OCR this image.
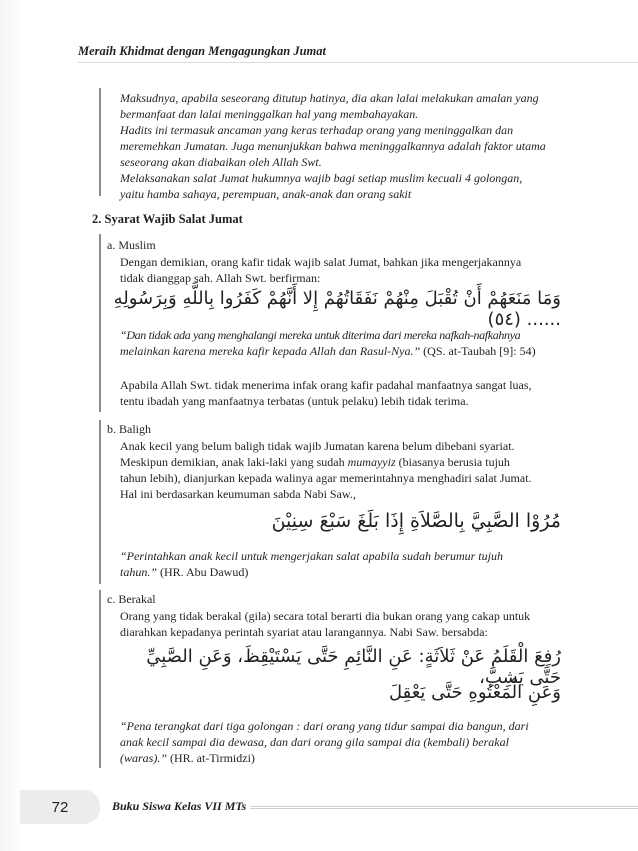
Meraih Khidmat dengan Mengagungkan Jumat
Maksudnya, apabila seseorang ditutup hatinya, dia akan lalai melakukan amalan yang
bermanfaat dan lalai meninggalkan hal yang membahayakan.
Hadits ini termasuk ancaman yang keras terhadap orang yang meninggalkan dan
meremehkan Jumatan. Juga menunjukkan bahwa meninggalkannya adalah faktor utama
seseorang akan diabaikan oleh Allah Swt.
Melaksanakan salat Jumat hukumnya wajib bagi setiap muslim kecuali 4 golongan,
yaitu hamba sahaya, perempuan, anak-anak dan orang sakit
2. Syarat Wajib Salat Jumat
a. Muslim
Dengan demikian, orang kafir tidak wajib salat Jumat, bahkan jika mengerjakannya
tidak dianggap sah. Allah Swt. berfirman:
وَمَا مَنَعَهُمْ أَنْ تُقْبَلَ مِنْهُمْ نَفَقَاتُهُمْ إِلا أَنَّهُمْ كَفَرُوا بِاللَّهِ وَبِرَسُولِهِ ...... (٥٤)
“Dan tidak ada yang menghalangi mereka untuk diterima dari mereka nafkah-nafkahnya
melainkan karena mereka kafir kepada Allah dan Rasul-Nya.” (QS. at-Taubah [9]: 54)
Apabila Allah Swt. tidak menerima infak orang kafir padahal manfaatnya sangat luas,
tentu ibadah yang manfaatnya terbatas (untuk pelaku) lebih tidak terima.
b. Baligh
Anak kecil yang belum baligh tidak wajib Jumatan karena belum dibebani syariat.
Meskipun demikian, anak laki-laki yang sudah mumayyiz (biasanya berusia tujuh
tahun lebih), dianjurkan kepada walinya agar memerintahnya menghadiri salat Jumat.
Hal ini berdasarkan keumuman sabda Nabi Saw.,
مُرُوْا الصَّبِيَّ بِالصَّلاَةِ إِذَا بَلَغَ سَبْعَ سِنِيْنَ
“Perintahkan anak kecil untuk mengerjakan salat apabila sudah berumur tujuh
tahun.” (HR. Abu Dawud)
c. Berakal
Orang yang tidak berakal (gila) secara total berarti dia bukan orang yang cakap untuk
diarahkan kepadanya perintah syariat atau larangannya. Nabi Saw. bersabda:
رُفِعَ الْقَلَمُ عَنْ ثَلاَثَةٍ: عَنِ النَّائِمِ حَتَّى يَسْتَيْقِظَ، وَعَنِ الصَّبِيِّ حَتَّى يَشِبَّ،
وَعَنِ الْمَعْتُوهِ حَتَّى يَعْقِلَ
“Pena terangkat dari tiga golongan : dari orang yang tidur sampai dia bangun, dari
anak kecil sampai dia dewasa, dan dari orang gila sampai dia (kembali) berakal
(waras).” (HR. at-Tirmidzi)
72	Buku Siswa Kelas VII MTs
